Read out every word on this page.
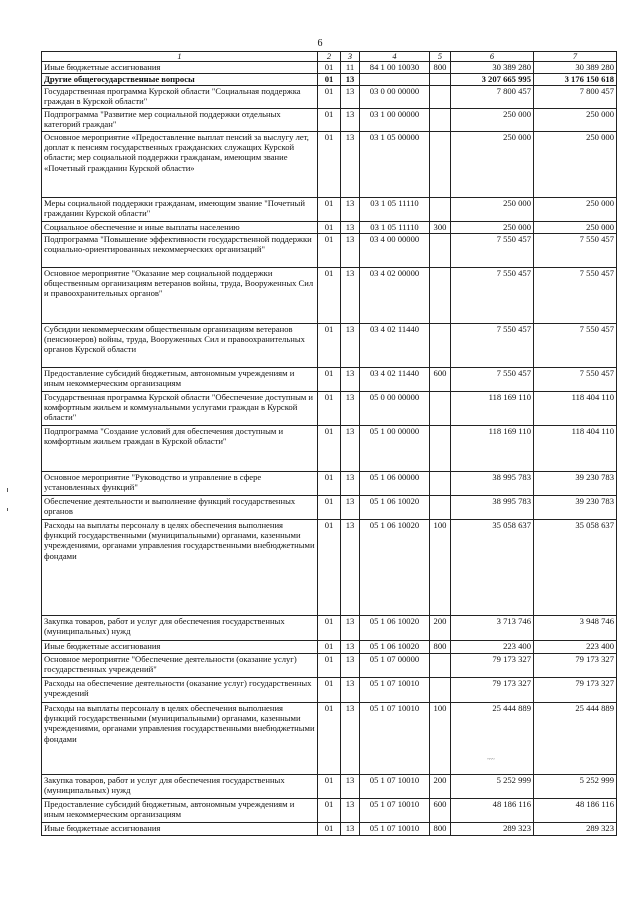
6
1	2	3	4	5	6	7
Иные бюджетные ассигнования	01	11	84 1 00 10030	800	30 389 280	30 389 280
Другие общегосударственные вопросы	01	13			3 207 665 995	3 176 150 618
Государственная программа Курской области "Социальная поддержка граждан в Курской области"	01	13	03 0 00 00000		7 800 457	7 800 457
Подпрограмма "Развитие мер социальной поддержки отдельных категорий граждан"	01	13	03 1 00 00000		250 000	250 000
Основное мероприятие «Предоставление выплат пенсий за выслугу лет, доплат к пенсиям государственных гражданских служащих Курской области; мер социальной поддержки гражданам, имеющим звание «Почетный гражданин Курской области»	01	13	03 1 05 00000		250 000	250 000
Меры социальной поддержки гражданам, имеющим звание "Почетный гражданин Курской области"	01	13	03 1 05 11110		250 000	250 000
Социальное обеспечение и иные выплаты населению	01	13	03 1 05 11110	300	250 000	250 000
Подпрограмма "Повышение эффективности государственной поддержки социально-ориентированных некоммерческих организаций"	01	13	03 4 00 00000		7 550 457	7 550 457
Основное мероприятие "Оказание мер социальной поддержки общественным организациям ветеранов войны, труда, Вооруженных Сил и правоохранительных органов"	01	13	03 4 02 00000		7 550 457	7 550 457
Субсидии некоммерческим общественным организациям ветеранов (пенсионеров) войны, труда, Вооруженных Сил и правоохранительных органов Курской области	01	13	03 4 02 11440		7 550 457	7 550 457
Предоставление субсидий бюджетным, автономным учреждениям и иным некоммерческим организациям	01	13	03 4 02 11440	600	7 550 457	7 550 457
Государственная программа Курской области "Обеспечение доступным и комфортным жильем и коммунальными услугами граждан в Курской области"	01	13	05 0 00 00000		118 169 110	118 404 110
Подпрограмма "Создание условий для обеспечения доступным и комфортным жильем граждан в Курской области"	01	13	05 1 00 00000		118 169 110	118 404 110
Основное мероприятие "Руководство и управление в сфере установленных функций"	01	13	05 1 06 00000		38 995 783	39 230 783
Обеспечение деятельности и выполнение функций государственных органов	01	13	05 1 06 10020		38 995 783	39 230 783
Расходы на выплаты персоналу в целях обеспечения выполнения функций государственными (муниципальными) органами, казенными учреждениями, органами управления государственными внебюджетными фондами	01	13	05 1 06 10020	100	35 058 637	35 058 637
Закупка товаров, работ и услуг для обеспечения государственных (муниципальных) нужд	01	13	05 1 06 10020	200	3 713 746	3 948 746
Иные бюджетные ассигнования	01	13	05 1 06 10020	800	223 400	223 400
Основное мероприятие "Обеспечение деятельности (оказание услуг) государственных учреждений"	01	13	05 1 07 00000		79 173 327	79 173 327
Расходы на обеспечение деятельности (оказание услуг) государственных учреждений	01	13	05 1 07 10010		79 173 327	79 173 327
Расходы на выплаты персоналу в целях обеспечения выполнения функций государственными (муниципальными) органами, казенными учреждениями, органами управления государственными внебюджетными фондами	01	13	05 1 07 10010	100	25 444 889	25 444 889
Закупка товаров, работ и услуг для обеспечения государственных (муниципальных) нужд	01	13	05 1 07 10010	200	5 252 999	5 252 999
Предоставление субсидий бюджетным, автономным учреждениям и иным некоммерческим организациям	01	13	05 1 07 10010	600	48 186 116	48 186 116
Иные бюджетные ассигнования	01	13	05 1 07 10010	800	289 323	289 323
~~~
